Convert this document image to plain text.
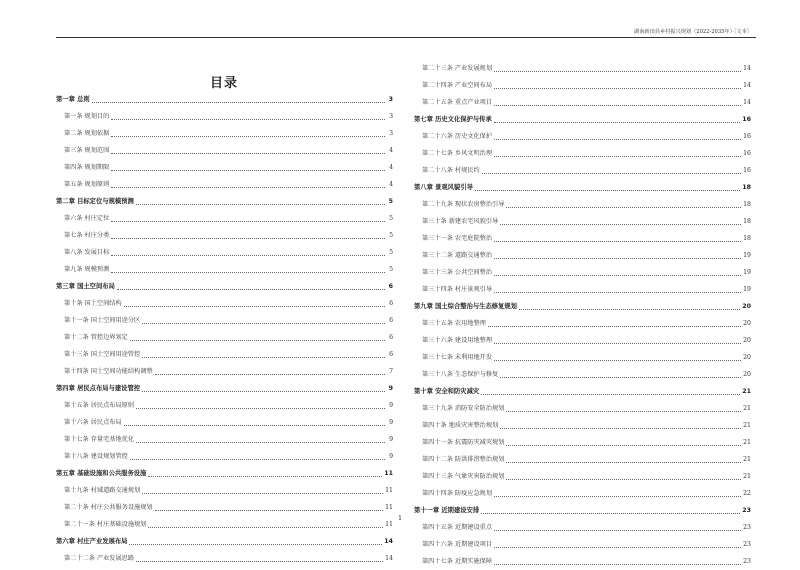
湖南新田县乡村振兴规划（2022-2035年）·［文本］
目录
第一章 总则	3
第一条 规划目的	3
第二条 规划依据	3
第三条 规划范围	4
第四条 规划期限	4
第五条 规划原则	4
第二章 目标定位与规模预测	5
第六条 村庄定位	5
第七条 村庄分类	5
第八条 发展目标	5
第九条 规模预测	5
第三章 国土空间布局	6
第十条 国土空间结构	6
第十一条 国土空间用途分区	6
第十二条 管控边界划定	6
第十三条 国土空间用途管控	6
第十四条 国土空间功能结构调整	7
第四章 居民点布局与建设管控	9
第十五条 居民点布局原则	9
第十六条 居民点布局	9
第十七条 存量宅基地优化	9
第十八条 建设规划管控	9
第五章 基础设施和公共服务设施	11
第十九条 村域道路交通规划	11
第二十条 村庄公共服务设施规划	11
第二十一条 村庄基础设施规划	11
第六章 村庄产业发展布局	14
第二十二条 产业发展思路	14
第二十三条 产业发展规划	14
第二十四条 产业空间布局	14
第二十五条 重点产业项目	14
第七章 历史文化保护与传承	16
第二十六条 历史文化保护	16
第二十七条 乡风文明治理	16
第二十八条 村规民约	16
第八章 景观风貌引导	18
第二十九条 现状农房整治引导	18
第三十条 新建农宅风貌引导	18
第三十一条 农宅庭院整治	18
第三十二条 道路交通整治	19
第三十三条 公共空间整治	19
第三十四条 村庄景观引导	19
第九章 国土综合整治与生态修复规划	20
第三十五条 农用地整理	20
第三十六条 建设用地整理	20
第三十七条 未利用地开发	20
第三十八条 生态保护与修复	20
第十章 安全和防灾减灾	21
第三十九条 消防安全防治规划	21
第四十条 地质灾害整治规划	21
第四十一条 抗震防灾减灾规划	21
第四十二条 防洪排涝整治规划	21
第四十三条 气象灾害防治规划	21
第四十四条 防疫应急规划	22
第十一章 近期建设安排	23
第四十五条 近期建设重点	23
第四十六条 近期建设项目	23
第四十七条 近期实施保障	23
1
